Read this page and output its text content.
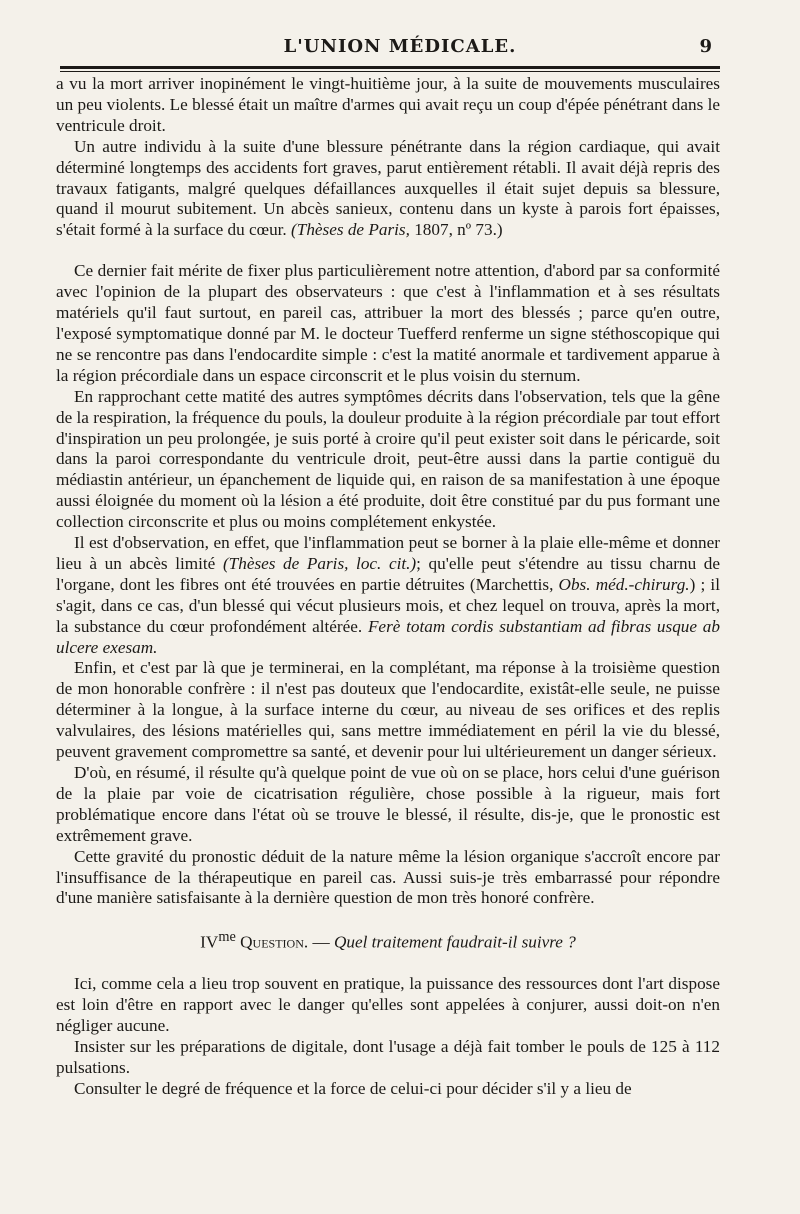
L'UNION MÉDICALE.	9

a vu la mort arriver inopinément le vingt-huitième jour, à la suite de mouvements musculaires un peu violents. Le blessé était un maître d'armes qui avait reçu un coup d'épée pénétrant dans le ventricule droit.

Un autre individu à la suite d'une blessure pénétrante dans la région cardiaque, qui avait déterminé longtemps des accidents fort graves, parut entièrement rétabli. Il avait déjà repris des travaux fatigants, malgré quelques défaillances auxquelles il était sujet depuis sa blessure, quand il mourut subitement. Un abcès sanieux, contenu dans un kyste à parois fort épaisses, s'était formé à la surface du cœur. (Thèses de Paris, 1807, nº 73.)

Ce dernier fait mérite de fixer plus particulièrement notre attention, d'abord par sa conformité avec l'opinion de la plupart des observateurs : que c'est à l'inflammation et à ses résultats matériels qu'il faut surtout, en pareil cas, attribuer la mort des blessés ; parce qu'en outre, l'exposé symptomatique donné par M. le docteur Tuefferd renferme un signe stéthoscopique qui ne se rencontre pas dans l'endocardite simple : c'est la matité anormale et tardivement apparue à la région précordiale dans un espace circonscrit et le plus voisin du sternum.

En rapprochant cette matité des autres symptômes décrits dans l'observation, tels que la gêne de la respiration, la fréquence du pouls, la douleur produite à la région précordiale par tout effort d'inspiration un peu prolongée, je suis porté à croire qu'il peut exister soit dans le péricarde, soit dans la paroi correspondante du ventricule droit, peut-être aussi dans la partie contiguë du médiastin antérieur, un épanchement de liquide qui, en raison de sa manifestation à une époque aussi éloignée du moment où la lésion a été produite, doit être constitué par du pus formant une collection circonscrite et plus ou moins complétement enkystée.

Il est d'observation, en effet, que l'inflammation peut se borner à la plaie elle-même et donner lieu à un abcès limité (Thèses de Paris, loc. cit.); qu'elle peut s'étendre au tissu charnu de l'organe, dont les fibres ont été trouvées en partie détruites (Marchettis, Obs. méd.-chirurg.) ; il s'agit, dans ce cas, d'un blessé qui vécut plusieurs mois, et chez lequel on trouva, après la mort, la substance du cœur profondément altérée. Ferè totam cordis substantiam ad fibras usque ab ulcere exesam.

Enfin, et c'est par là que je terminerai, en la complétant, ma réponse à la troisième question de mon honorable confrère : il n'est pas douteux que l'endocardite, existât-elle seule, ne puisse déterminer à la longue, à la surface interne du cœur, au niveau de ses orifices et des replis valvulaires, des lésions matérielles qui, sans mettre immédiatement en péril la vie du blessé, peuvent gravement compromettre sa santé, et devenir pour lui ultérieurement un danger sérieux.

D'où, en résumé, il résulte qu'à quelque point de vue où on se place, hors celui d'une guérison de la plaie par voie de cicatrisation régulière, chose possible à la rigueur, mais fort problématique encore dans l'état où se trouve le blessé, il résulte, dis-je, que le pronostic est extrêmement grave.

Cette gravité du pronostic déduit de la nature même la lésion organique s'accroît encore par l'insuffisance de la thérapeutique en pareil cas. Aussi suis-je très embarrassé pour répondre d'une manière satisfaisante à la dernière question de mon très honoré confrère.

$IV^{me}$ Question. — Quel traitement faudrait-il suivre ?

Ici, comme cela a lieu trop souvent en pratique, la puissance des ressources dont l'art dispose est loin d'être en rapport avec le danger qu'elles sont appelées à conjurer, aussi doit-on n'en négliger aucune.

Insister sur les préparations de digitale, dont l'usage a déjà fait tomber le pouls de 125 à 112 pulsations.

Consulter le degré de fréquence et la force de celui-ci pour décider s'il y a lieu de
